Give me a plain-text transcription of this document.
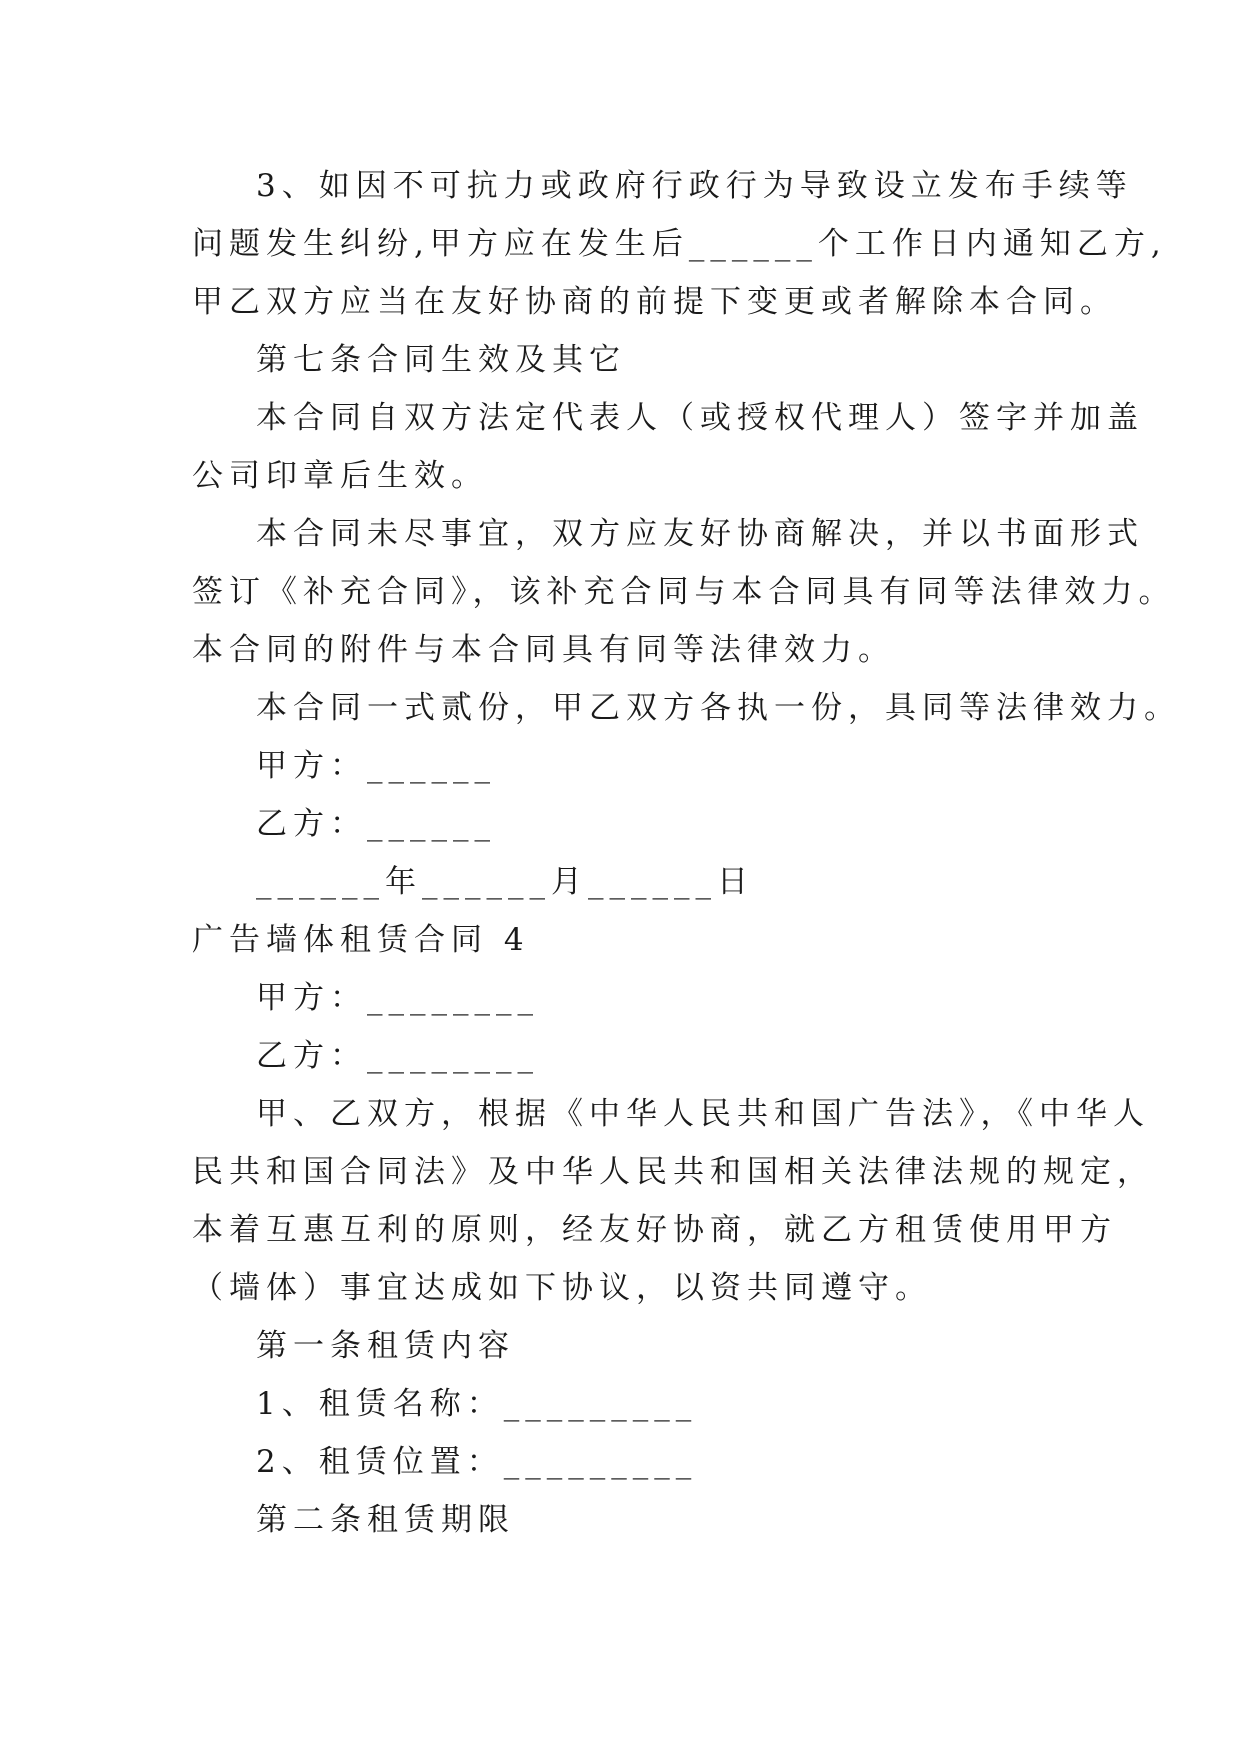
3、如因不可抗力或政府行政行为导致设立发布手续等
问题发生纠纷,甲方应在发生后______个工作日内通知乙方,
甲乙双方应当在友好协商的前提下变更或者解除本合同。
第七条合同生效及其它
本合同自双方法定代表人（或授权代理人）签字并加盖
公司印章后生效。
本合同未尽事宜，双方应友好协商解决，并以书面形式
签订《补充合同》，该补充合同与本合同具有同等法律效力。
本合同的附件与本合同具有同等法律效力。
本合同一式贰份，甲乙双方各执一份，具同等法律效力。
甲方：______
乙方：______
______年______月______日
广告墙体租赁合同 4
甲方：________
乙方：________
甲、乙双方，根据《中华人民共和国广告法》，《中华人
民共和国合同法》及中华人民共和国相关法律法规的规定，
本着互惠互利的原则，经友好协商，就乙方租赁使用甲方
（墙体）事宜达成如下协议，以资共同遵守。
第一条租赁内容
1、租赁名称：_________
2、租赁位置：_________
第二条租赁期限
